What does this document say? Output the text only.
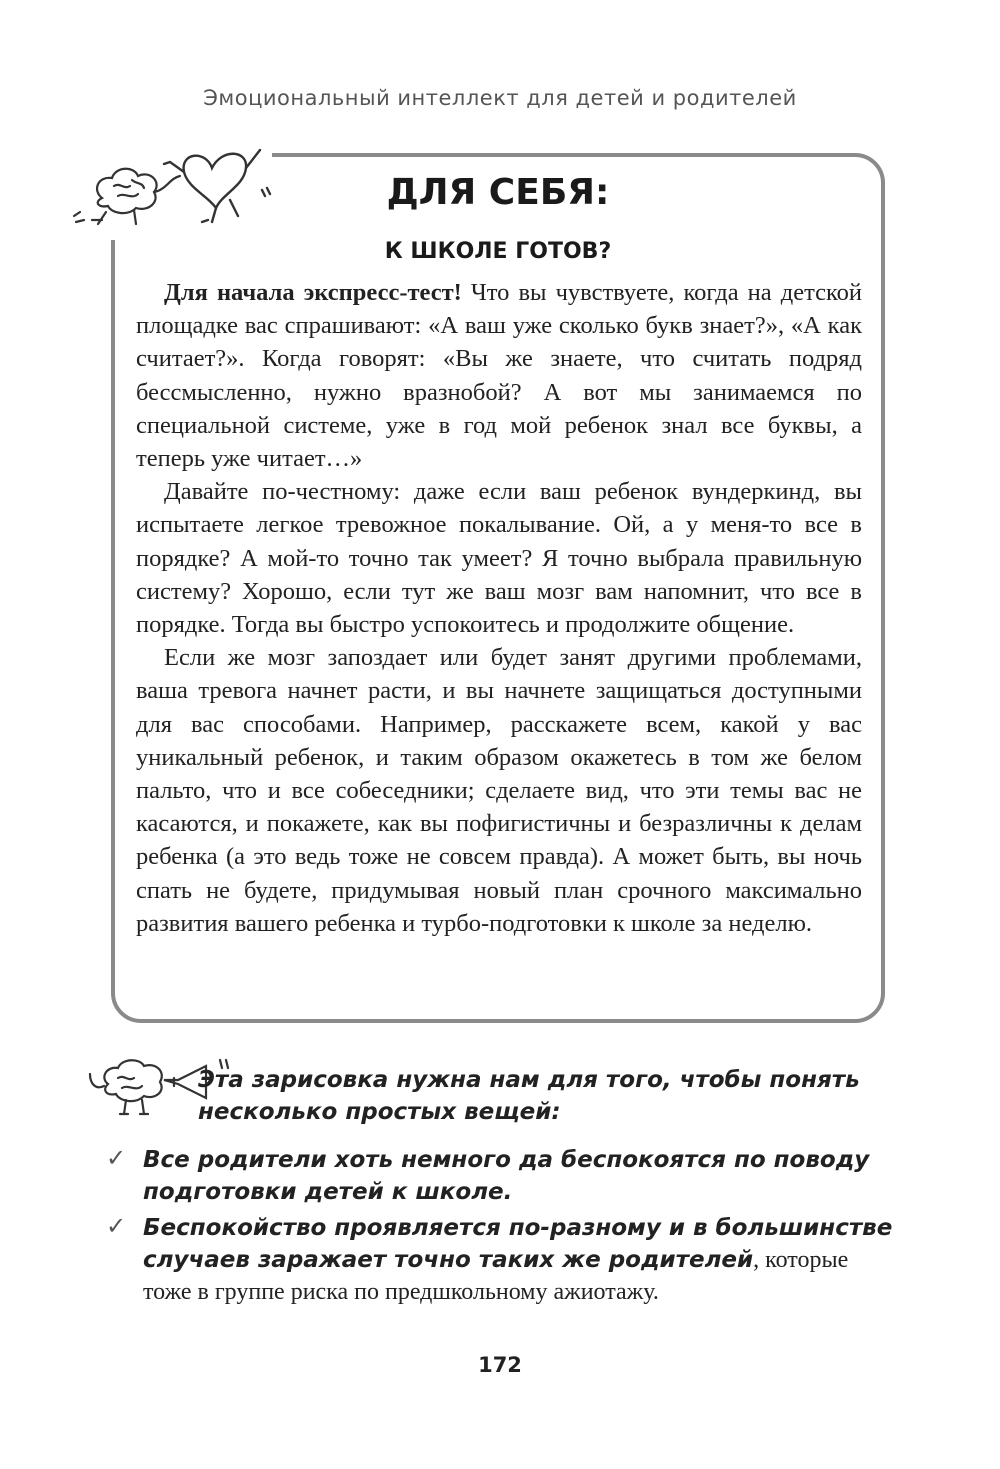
Эмоциональный интеллект для детей и родителей
ДЛЯ СЕБЯ:
К ШКОЛЕ ГОТОВ?

Для начала экспресс-тест! Что вы чувствуете, когда на детской площадке вас спрашивают: «А ваш уже сколько букв знает?», «А как считает?». Когда говорят: «Вы же знаете, что считать подряд бессмысленно, нужно вразнобой? А вот мы занимаемся по специальной системе, уже в год мой ребенок знал все буквы, а теперь уже читает…»

Давайте по-честному: даже если ваш ребенок вундеркинд, вы испытаете легкое тревожное покалывание. Ой, а у меня-то все в порядке? А мой-то точно так умеет? Я точно выбрала правильную систему? Хорошо, если тут же ваш мозг вам напомнит, что все в порядке. Тогда вы быстро успокоитесь и продолжите общение.

Если же мозг запоздает или будет занят другими проблемами, ваша тревога начнет расти, и вы начнете защищаться доступными для вас способами. Например, расскажете всем, какой у вас уникальный ребенок, и таким образом окажетесь в том же белом пальто, что и все собеседники; сделаете вид, что эти темы вас не касаются, и покажете, как вы пофигистичны и безразличны к делам ребенка (а это ведь тоже не совсем правда). А может быть, вы ночь спать не будете, придумывая новый план срочного максимально развития вашего ребенка и турбо-подготовки к школе за неделю.

Эта зарисовка нужна нам для того, чтобы понять несколько простых вещей:
✓ Все родители хоть немного да беспокоятся по поводу подготовки детей к школе.
✓ Беспокойство проявляется по-разному и в большинстве случаев заражает точно таких же родителей, которые тоже в группе риска по предшкольному ажиотажу.
172
